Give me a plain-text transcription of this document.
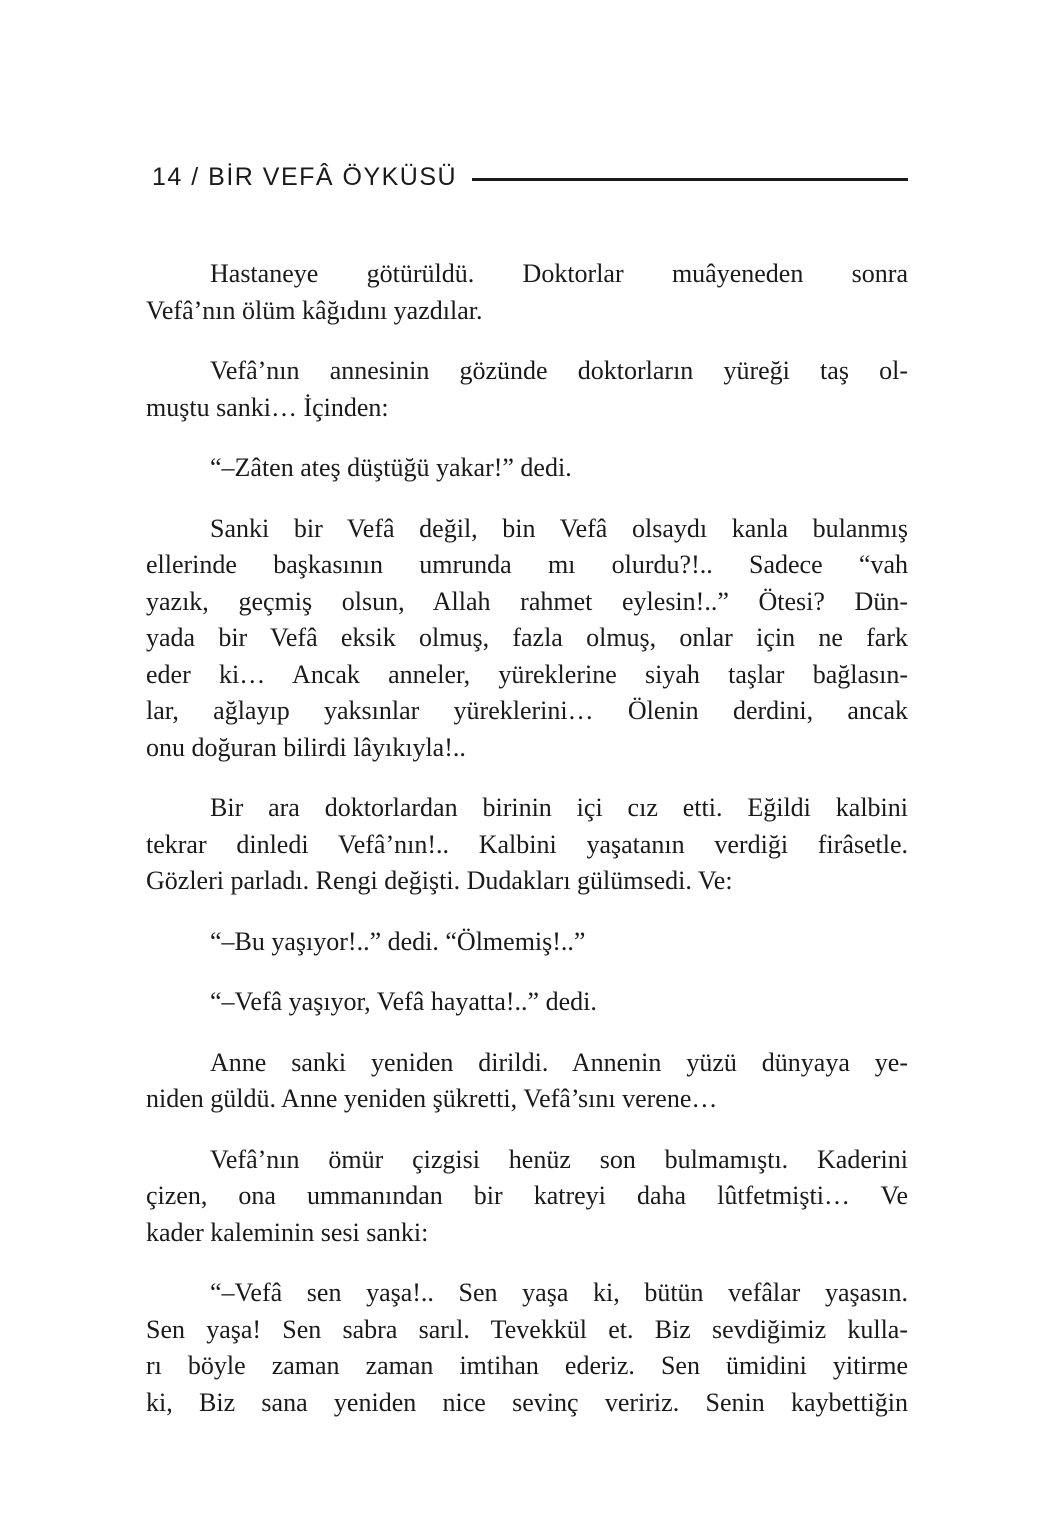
14 / BİR VEFÂ ÖYKÜSÜ

Hastaneye götürüldü. Doktorlar muâyeneden sonra
Vefâ’nın ölüm kâğıdını yazdılar.

Vefâ’nın annesinin gözünde doktorların yüreği taş ol-
muştu sanki… İçinden:

“–Zâten ateş düştüğü yakar!” dedi.

Sanki bir Vefâ değil, bin Vefâ olsaydı kanla bulanmış
ellerinde başkasının umrunda mı olurdu?!.. Sadece “vah
yazık, geçmiş olsun, Allah rahmet eylesin!..” Ötesi? Dün-
yada bir Vefâ eksik olmuş, fazla olmuş, onlar için ne fark
eder ki… Ancak anneler, yüreklerine siyah taşlar bağlasın-
lar, ağlayıp yaksınlar yüreklerini… Ölenin derdini, ancak
onu doğuran bilirdi lâyıkıyla!..

Bir ara doktorlardan birinin içi cız etti. Eğildi kalbini
tekrar dinledi Vefâ’nın!.. Kalbini yaşatanın verdiği firâsetle.
Gözleri parladı. Rengi değişti. Dudakları gülümsedi. Ve:

“–Bu yaşıyor!..” dedi. “Ölmemiş!..”

“–Vefâ yaşıyor, Vefâ hayatta!..” dedi.

Anne sanki yeniden dirildi. Annenin yüzü dünyaya ye-
niden güldü. Anne yeniden şükretti, Vefâ’sını verene…

Vefâ’nın ömür çizgisi henüz son bulmamıştı. Kaderini
çizen, ona ummanından bir katreyi daha lûtfetmişti… Ve
kader kaleminin sesi sanki:

“–Vefâ sen yaşa!.. Sen yaşa ki, bütün vefâlar yaşasın.
Sen yaşa! Sen sabra sarıl. Tevekkül et. Biz sevdiğimiz kulla-
rı böyle zaman zaman imtihan ederiz. Sen ümidini yitirme
ki, Biz sana yeniden nice sevinç veririz. Senin kaybettiğin
